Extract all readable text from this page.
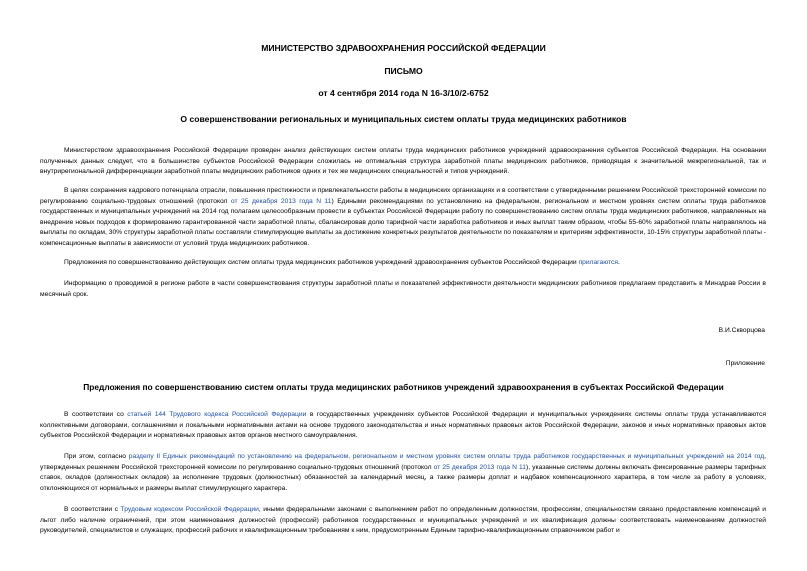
МИНИСТЕРСТВО ЗДРАВООХРАНЕНИЯ РОССИЙСКОЙ ФЕДЕРАЦИИ
ПИСЬМО
от 4 сентября 2014 года N 16-3/10/2-6752
О совершенствовании региональных и муниципальных систем оплаты труда медицинских работников

Министерством здравоохранения Российской Федерации проведен анализ действующих систем оплаты труда медицинских работников учреждений здравоохранения субъектов Российской Федерации. На основании полученных данных следует, что в большинстве субъектов Российской Федерации сложилась не оптимальная структура заработной платы медицинских работников, приводящая к значительной межрегиональной, так и внутрирегиональной дифференциации заработной платы медицинских работников одних и тех же медицинских специальностей и типов учреждений.

В целях сохранения кадрового потенциала отрасли, повышения престижности и привлекательности работы в медицинских организациях и в соответствии с утвержденными решением Российской трехсторонней комиссии по регулированию социально-трудовых отношений (протокол от 25 декабря 2013 года N 11) Едиными рекомендациями по установлению на федеральном, региональном и местном уровнях систем оплаты труда работников государственных и муниципальных учреждений на 2014 год полагаем целесообразным провести в субъектах Российской Федерации работу по совершенствованию систем оплаты труда медицинских работников, направленных на внедрение новых подходов к формированию гарантированной части заработной платы, сбалансировав долю тарифной части заработка работников и иных выплат таким образом, чтобы 55-60% заработной платы направлялось на выплаты по окладам, 30% структуры заработной платы составляли стимулирующие выплаты за достижение конкретных результатов деятельности по показателям и критериям эффективности, 10-15% структуры заработной платы - компенсационные выплаты в зависимости от условий труда медицинских работников.

Предложения по совершенствованию действующих систем оплаты труда медицинских работников учреждений здравоохранения субъектов Российской Федерации прилагаются.

Информацию о проводимой в регионе работе в части совершенствования структуры заработной платы и показателей эффективности деятельности медицинских работников предлагаем представить в Минздрав России в месячный срок.

В.И.Скворцова
Приложение
Предложения по совершенствованию систем оплаты труда медицинских работников учреждений здравоохранения в субъектах Российской Федерации

В соответствии со статьей 144 Трудового кодекса Российской Федерации в государственных учреждениях субъектов Российской Федерации и муниципальных учреждениях системы оплаты труда устанавливаются коллективными договорами, соглашениями и локальными нормативными актами на основе трудового законодательства и иных нормативных правовых актов Российской Федерации, законов и иных нормативных правовых актов субъектов Российской Федерации и нормативных правовых актов органов местного самоуправления.

При этом, согласно разделу II Единых рекомендаций по установлению на федеральном, региональном и местном уровнях систем оплаты труда работников государственных и муниципальных учреждений на 2014 год, утвержденных решением Российской трехсторонней комиссии по регулированию социально-трудовых отношений (протокол от 25 декабря 2013 года N 11), указанные системы должны включать фиксированные размеры тарифных ставок, окладов (должностных окладов) за исполнение трудовых (должностных) обязанностей за календарный месяц, а также размеры доплат и надбавок компенсационного характера, в том числе за работу в условиях, отклоняющихся от нормальных и размеры выплат стимулирующего характера.

В соответствии с Трудовым кодексом Российской Федерации, иными федеральными законами с выполнением работ по определенным должностям, профессиям, специальностям связано предоставление компенсаций и льгот либо наличие ограничений, при этом наименования должностей (профессий) работников государственных и муниципальных учреждений и их квалификация должны соответствовать наименованиям должностей руководителей, специалистов и служащих, профессий рабочих и квалификационным требованиям к ним, предусмотренным Единым тарифно-квалификационным справочником работ и
